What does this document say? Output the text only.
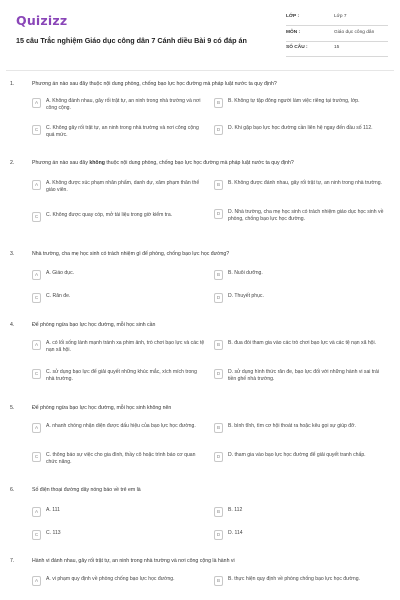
Quizizz
15 câu Trắc nghiệm Giáo dục công dân 7 Cánh diều Bài 9 có đáp án
LỚP :	Lớp 7
MÔN :	Giáo dục công dân
SỐ CÂU :	15
1.	Phương án nào sau đây thuộc nội dung phòng, chống bạo lực học đường mà pháp luật nước ta quy định?
A	A. Không đánh nhau, gây rối trật tự, an ninh trong nhà trường và nơi công cộng.
B	B. Không tự tập đông người làm việc riêng tại trường, lớp.
C	C. Không gây rối trật tự, an ninh trong nhà trường và nơi công cộng quá mức.
D	D. Khi gặp bạo lực học đường cần liên hệ ngay đến đầu số 112.
2.	Phương án nào sau đây không thuộc nội dung phòng, chống bạo lực học đường mà pháp luật nước ta quy định?
A	A. Không được xúc phạm nhân phẩm, danh dự, xâm phạm thân thể giáo viên.
B	B. Không được đánh nhau, gây rối trật tự, an ninh trong nhà trường.
C	C. Không được quay cóp, mở tài liệu trong giờ kiểm tra.	D	D. Nhà trường, cha mẹ học sinh có trách nhiệm giáo dục học sinh về phòng, chống bạo lực học đường.
3.	Nhà trường, cha mẹ học sinh có trách nhiệm gì để phòng, chống bạo lực học đường?
A	A. Giáo dục.	B	B. Nuôi dưỡng.
C	C. Răn đe.	D	D. Thuyết phục.
4.	Để phòng ngừa bạo lực học đường, mỗi học sinh cần
A	A. có lối sống lành mạnh tránh xa phim ảnh, trò chơi bạo lực và các tệ nạn xã hội.
B	B. đua đòi tham gia vào các trò chơi bạo lực và các tệ nạn xã hội.
C	C. sử dụng bạo lực để giải quyết những khúc mắc, xích mích trong nhà trường.
D	D. sử dụng hình thức răn đe, bạo lực đối với những hành vi sai trái tiền ghế nhà trường.
5.	Để phòng ngừa bạo lực học đường, mỗi học sinh không nên
A	A. nhanh chóng nhận diện được dấu hiệu của bạo lực học đường.	B	B. bình tĩnh, tìm cơ hội thoát ra hoặc kêu gọi sự giúp đỡ.
C	C. thông báo sự việc cho gia đình, thầy cô hoặc trình báo cơ quan chức năng.
D	D. tham gia vào bạo lực học đường để giải quyết tranh chấp.
6.	Số điện thoại đường dây nóng báo về trẻ em là
A	A. 111	B	B. 112
C	C. 113	D	D. 114
7.	Hành vi đánh nhau, gây rối trật tự, an ninh trong nhà trường và nơi công cộng là hành vi
A	A. vi phạm quy định về phòng chống bạo lực học đường.	B	B. thực hiện quy định về phòng chống bạo lực học đường.
